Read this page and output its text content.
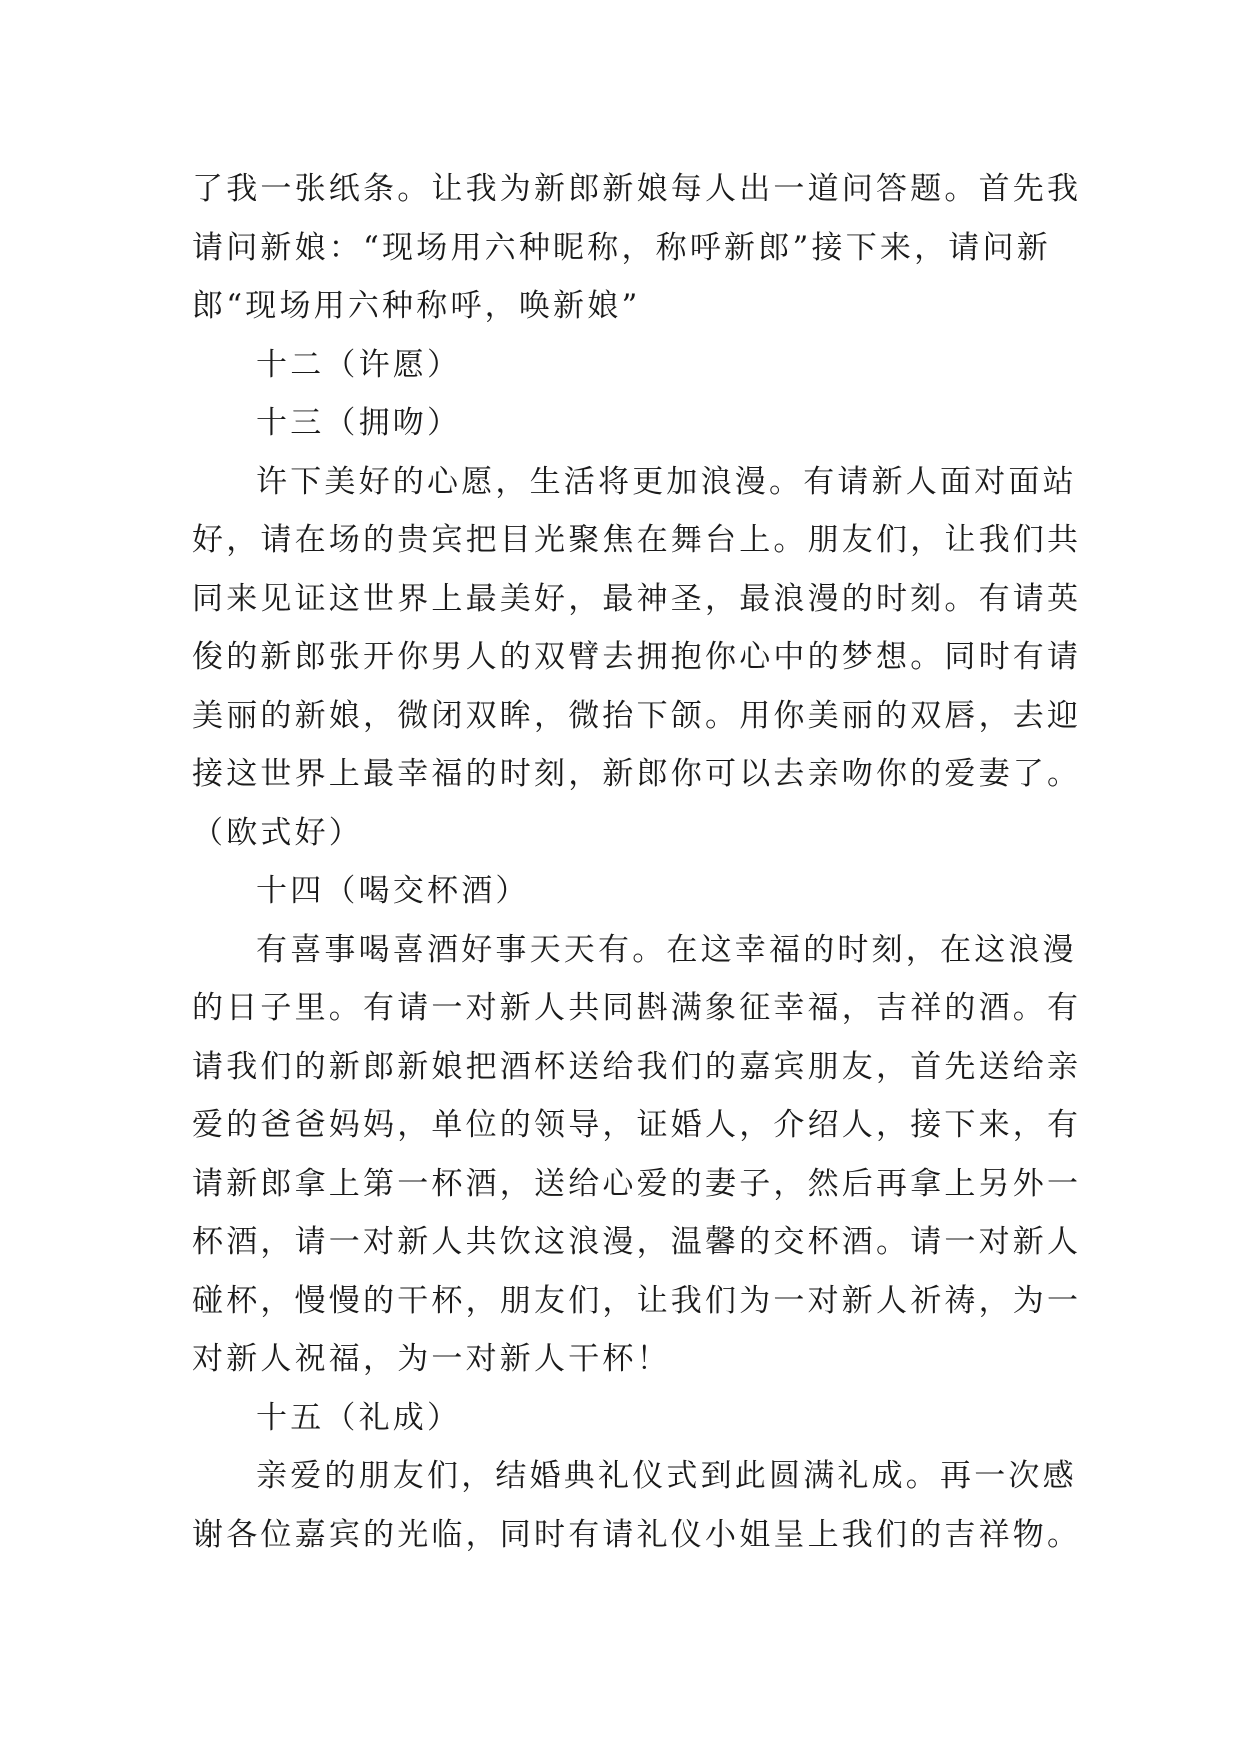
了我一张纸条。让我为新郎新娘每人出一道问答题。首先我
请问新娘：“现场用六种昵称，称呼新郎”接下来，请问新
郎“现场用六种称呼，唤新娘”
十二（许愿）
十三（拥吻）
许下美好的心愿，生活将更加浪漫。有请新人面对面站
好，请在场的贵宾把目光聚焦在舞台上。朋友们，让我们共
同来见证这世界上最美好，最神圣，最浪漫的时刻。有请英
俊的新郎张开你男人的双臂去拥抱你心中的梦想。同时有请
美丽的新娘，微闭双眸，微抬下颌。用你美丽的双唇，去迎
接这世界上最幸福的时刻，新郎你可以去亲吻你的爱妻了。
（欧式好）
十四（喝交杯酒）
有喜事喝喜酒好事天天有。在这幸福的时刻，在这浪漫
的日子里。有请一对新人共同斟满象征幸福，吉祥的酒。有
请我们的新郎新娘把酒杯送给我们的嘉宾朋友，首先送给亲
爱的爸爸妈妈，单位的领导，证婚人，介绍人，接下来，有
请新郎拿上第一杯酒，送给心爱的妻子，然后再拿上另外一
杯酒，请一对新人共饮这浪漫，温馨的交杯酒。请一对新人
碰杯，慢慢的干杯，朋友们，让我们为一对新人祈祷，为一
对新人祝福，为一对新人干杯！
十五（礼成）
亲爱的朋友们，结婚典礼仪式到此圆满礼成。再一次感
谢各位嘉宾的光临，同时有请礼仪小姐呈上我们的吉祥物。
